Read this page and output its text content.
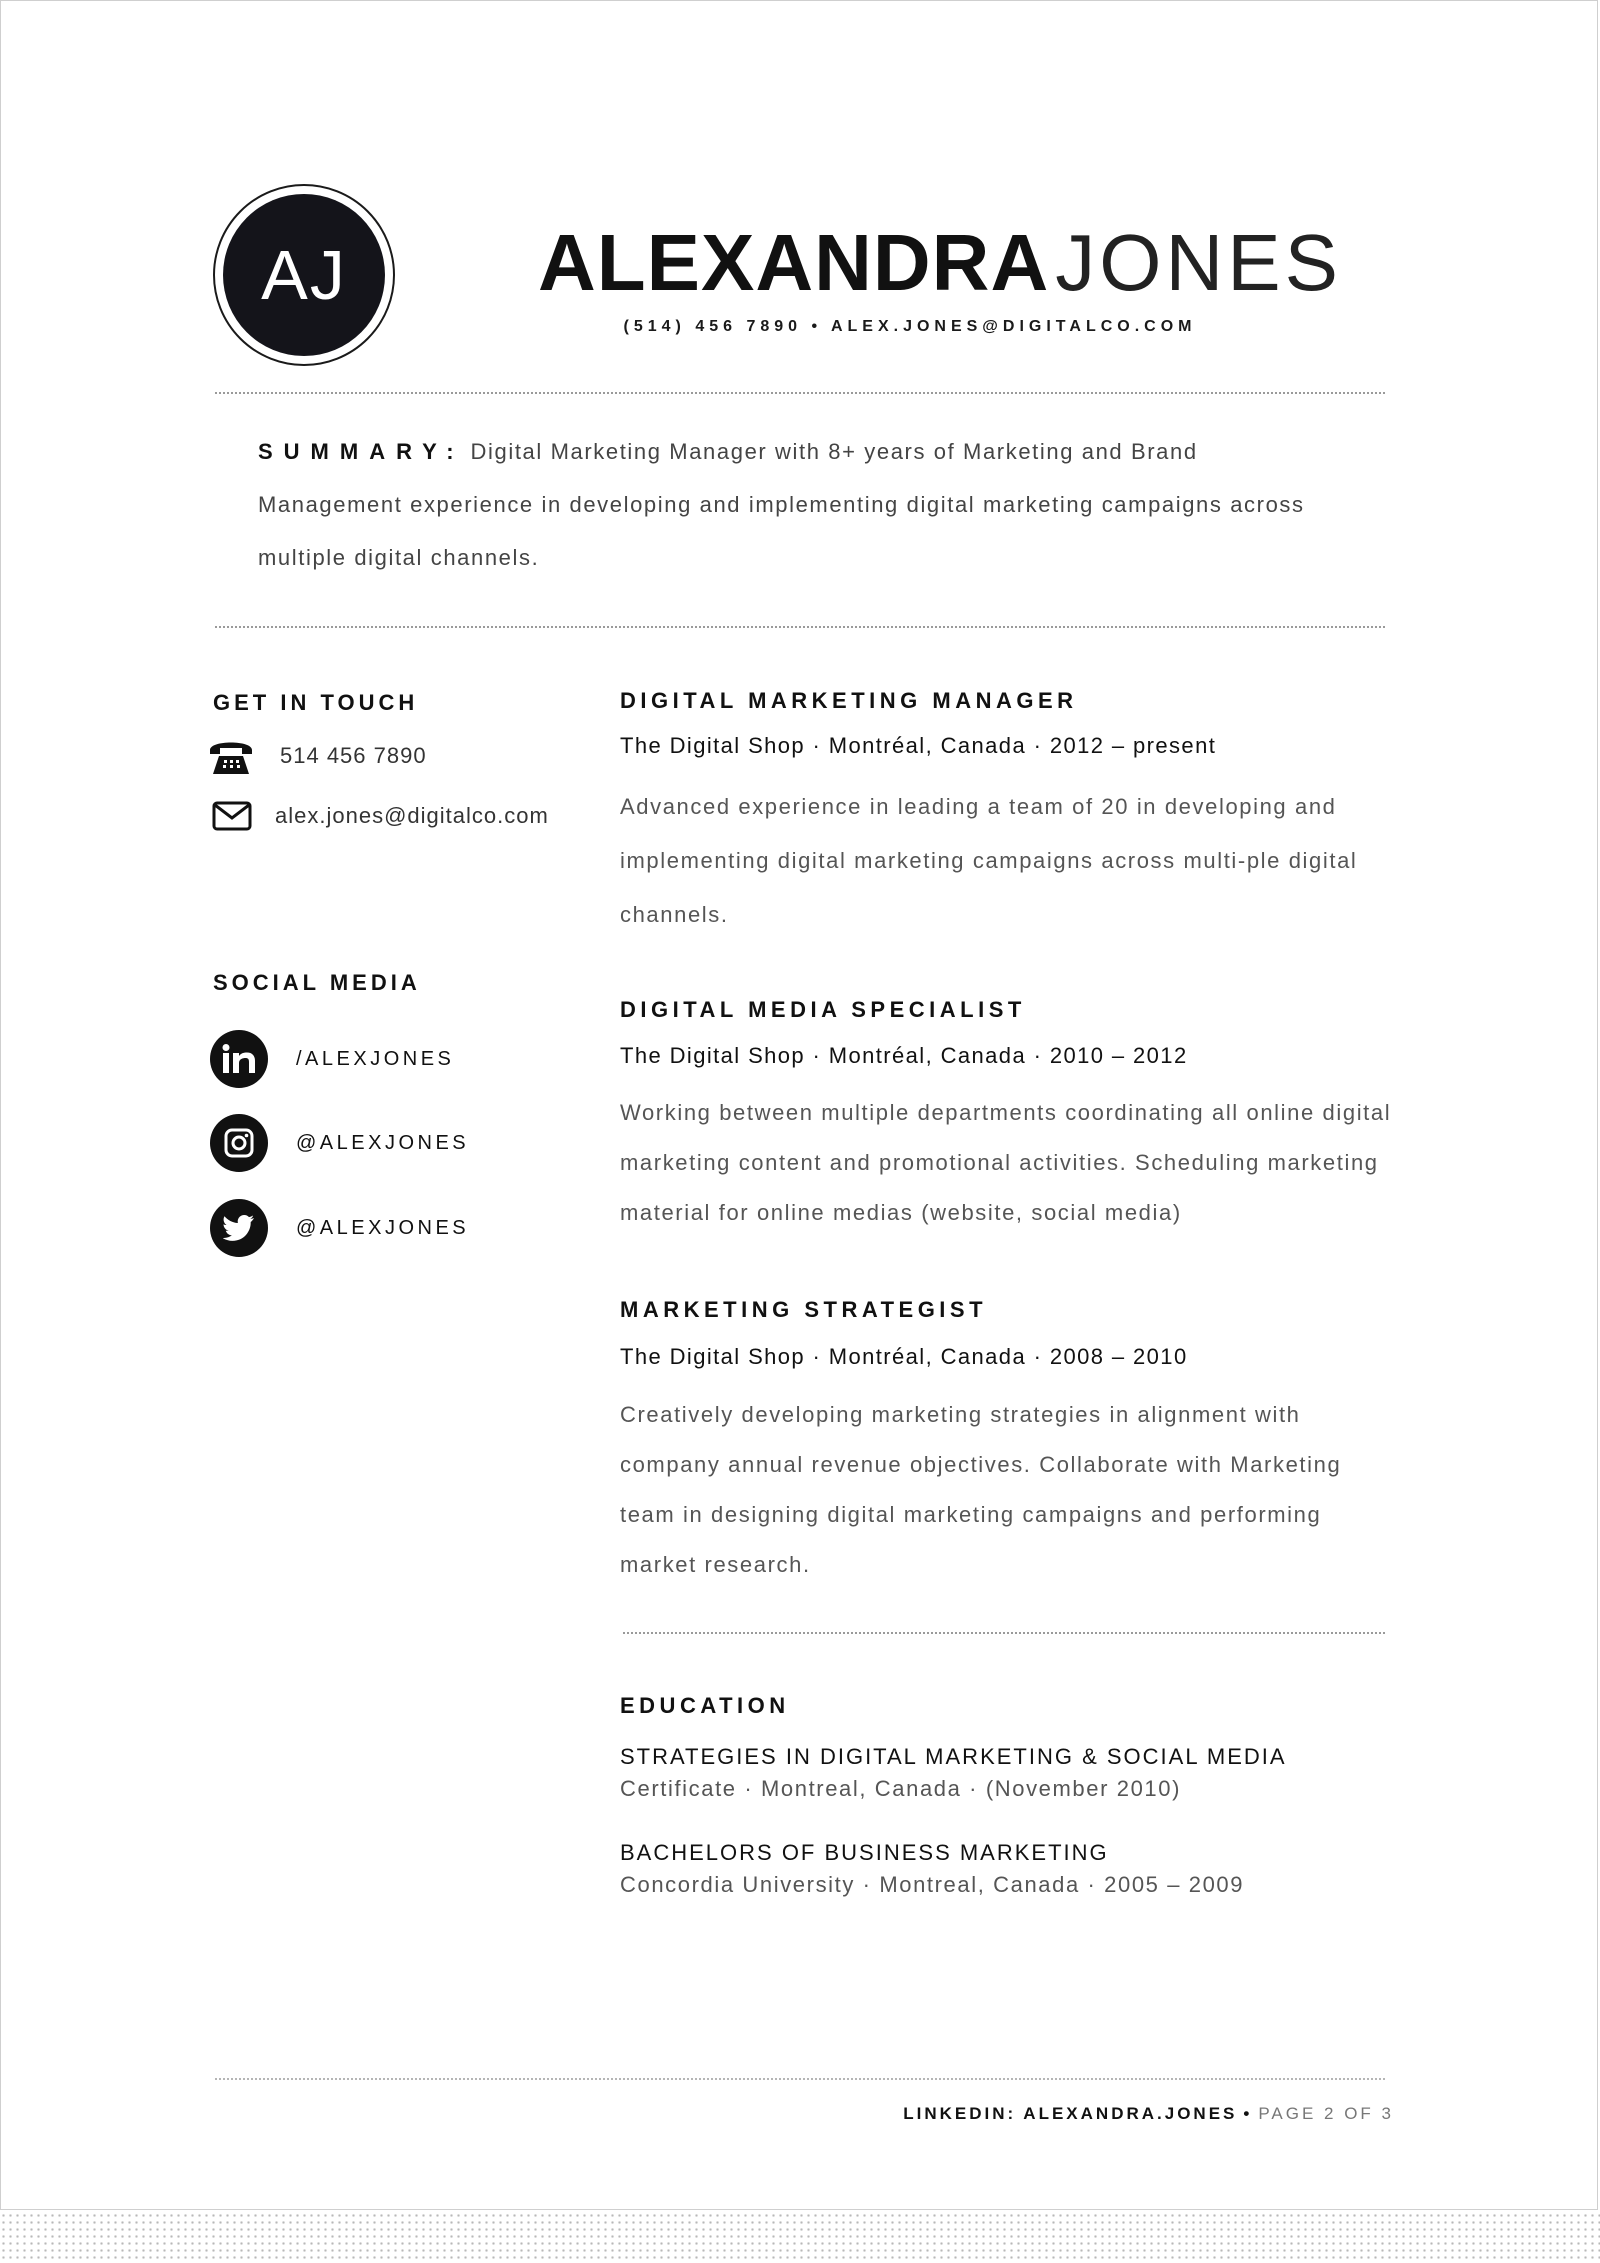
AJ	ALEXANDRAJONES
(514) 456 7890 • ALEX.JONES@DIGITALCO.COM
SUMMARY: Digital Marketing Manager with 8+ years of Marketing and Brand Management experience in developing and implementing digital marketing campaigns across multiple digital channels.
GET IN TOUCH
514 456 7890
alex.jones@digitalco.com
SOCIAL MEDIA
/ALEXJONES
@ALEXJONES
@ALEXJONES
DIGITAL MARKETING MANAGER
The Digital Shop · Montréal, Canada · 2012 – present
Advanced experience in leading a team of 20 in developing and implementing digital marketing campaigns across multi-ple digital channels.
DIGITAL MEDIA SPECIALIST
The Digital Shop · Montréal, Canada · 2010 – 2012
Working between multiple departments coordinating all online digital marketing content and promotional activities. Scheduling marketing material for online medias (website, social media)
MARKETING STRATEGIST
The Digital Shop · Montréal, Canada · 2008 – 2010
Creatively developing marketing strategies in alignment with company annual revenue objectives. Collaborate with Marketing team in designing digital marketing campaigns and performing market research.
EDUCATION
STRATEGIES IN DIGITAL MARKETING & SOCIAL MEDIA
Certificate · Montreal, Canada · (November 2010)
BACHELORS OF BUSINESS MARKETING
Concordia University · Montreal, Canada · 2005 – 2009
LINKEDIN: ALEXANDRA.JONES • PAGE 2 OF 3
